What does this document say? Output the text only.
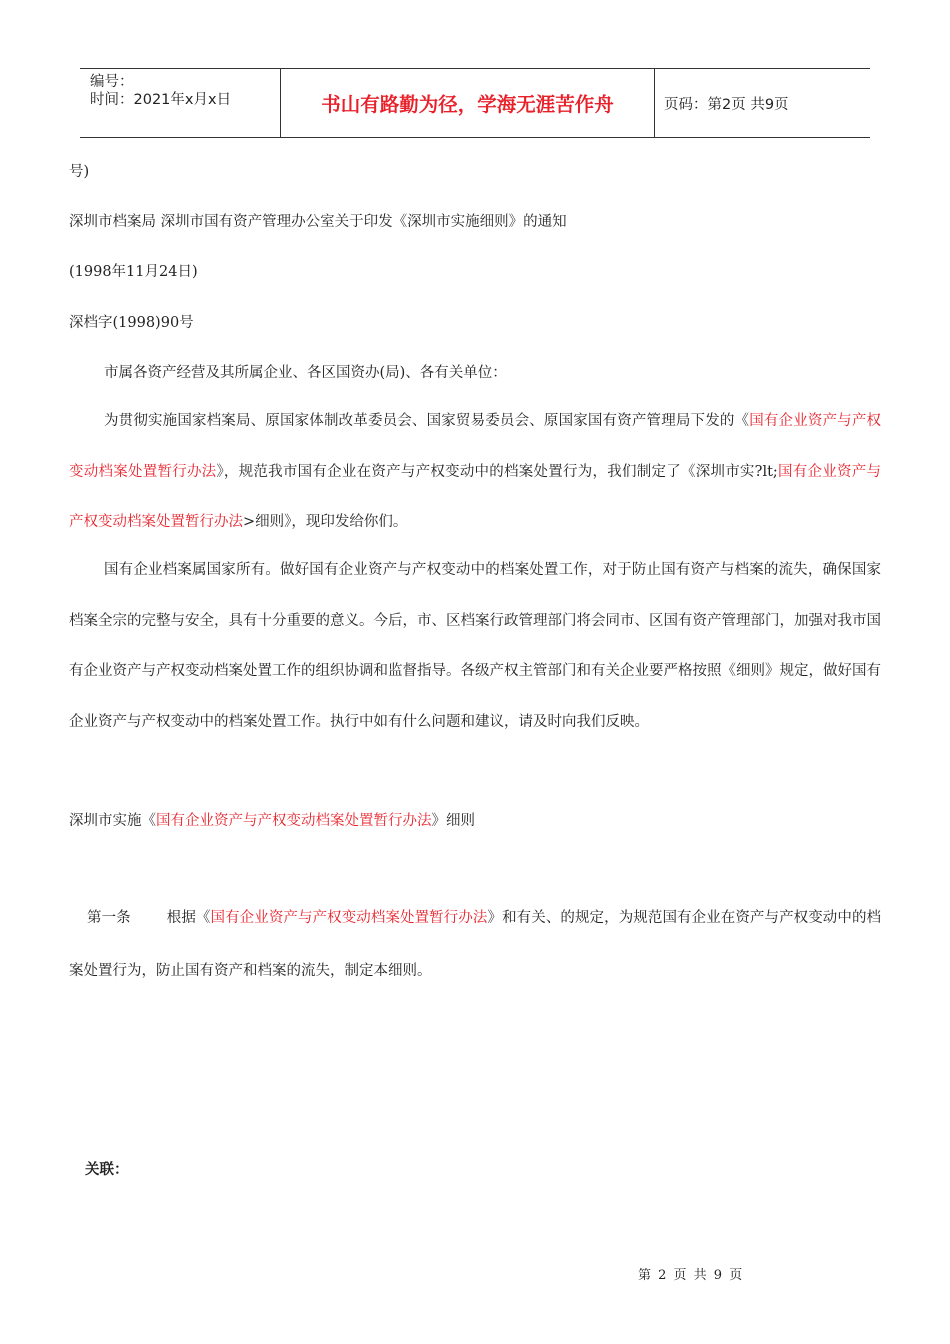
编号：
时间：2021年x月x日	书山有路勤为径，学海无涯苦作舟	页码：第2页 共9页
号)
深圳市档案局 深圳市国有资产管理办公室关于印发《深圳市实施细则》的通知
(1998年11月24日)
深档字(1998)90号
市属各资产经营及其所属企业、各区国资办(局)、各有关单位：
为贯彻实施国家档案局、原国家体制改革委员会、国家贸易委员会、原国家国有资产管理局下发的《国有企业资产与产权变动档案处置暂行办法》，规范我市国有企业在资产与产权变动中的档案处置行为，我们制定了《深圳市实?lt;国有企业资产与产权变动档案处置暂行办法>细则》，现印发给你们。
国有企业档案属国家所有。做好国有企业资产与产权变动中的档案处置工作，对于防止国有资产与档案的流失，确保国家档案全宗的完整与安全，具有十分重要的意义。今后，市、区档案行政管理部门将会同市、区国有资产管理部门，加强对我市国有企业资产与产权变动档案处置工作的组织协调和监督指导。各级产权主管部门和有关企业要严格按照《细则》规定，做好国有企业资产与产权变动中的档案处置工作。执行中如有什么问题和建议，请及时向我们反映。
深圳市实施《国有企业资产与产权变动档案处置暂行办法》细则
第一条 根据《国有企业资产与产权变动档案处置暂行办法》和有关、的规定，为规范国有企业在资产与产权变动中的档案处置行为，防止国有资产和档案的流失，制定本细则。
关联：
第 2 页 共 9 页
